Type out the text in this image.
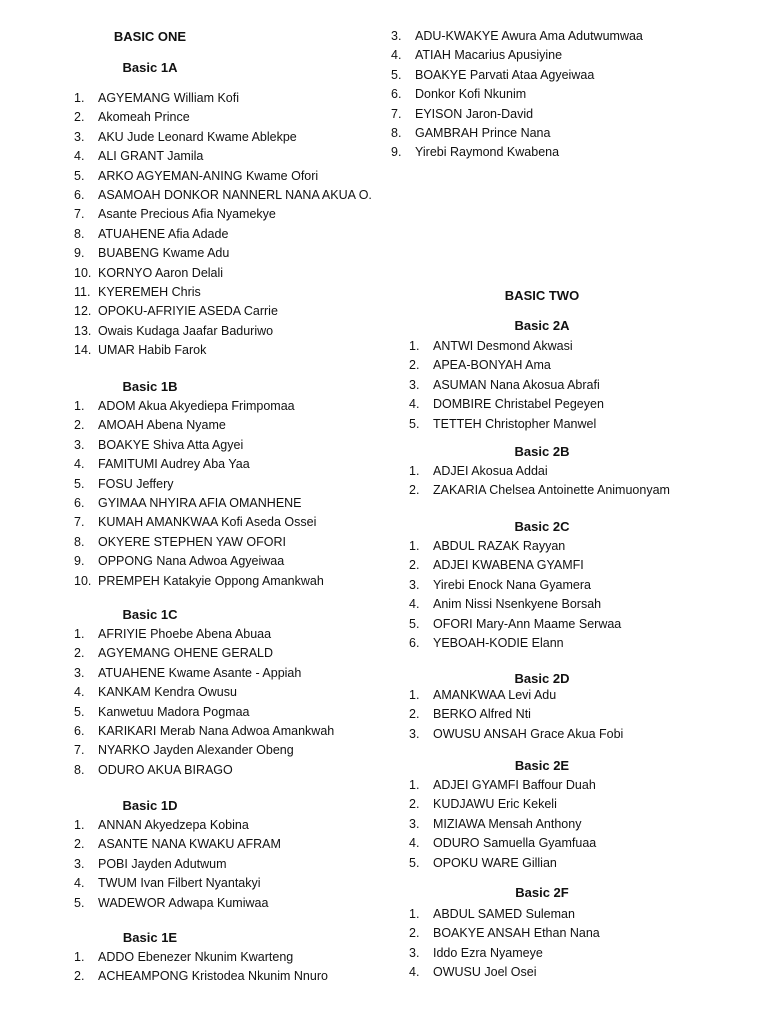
BASIC ONE
Basic 1A
1. AGYEMANG William Kofi
2. Akomeah Prince
3. AKU Jude Leonard Kwame Ablekpe
4. ALI GRANT Jamila
5. ARKO AGYEMAN-ANING Kwame Ofori
6. ASAMOAH DONKOR NANNERL NANA AKUA O.
7. Asante Precious Afia Nyamekye
8. ATUAHENE Afia Adade
9. BUABENG Kwame Adu
10. KORNYO Aaron Delali
11. KYEREMEH Chris
12. OPOKU-AFRIYIE ASEDA Carrie
13. Owais Kudaga Jaafar Baduriwo
14. UMAR Habib Farok
Basic 1B
1. ADOM Akua Akyediepa Frimpomaa
2. AMOAH Abena Nyame
3. BOAKYE Shiva Atta Agyei
4. FAMITUMI Audrey Aba Yaa
5. FOSU Jeffery
6. GYIMAA NHYIRA AFIA OMANHENE
7. KUMAH AMANKWAA Kofi Aseda Ossei
8. OKYERE STEPHEN YAW OFORI
9. OPPONG Nana Adwoa Agyeiwaa
10. PREMPEH Katakyie Oppong Amankwah
Basic 1C
1. AFRIYIE Phoebe Abena Abuaa
2. AGYEMANG OHENE GERALD
3. ATUAHENE Kwame Asante - Appiah
4. KANKAM Kendra Owusu
5. Kanwetuu Madora Pogmaa
6. KARIKARI Merab Nana Adwoa Amankwah
7. NYARKO Jayden Alexander Obeng
8. ODURO AKUA BIRAGO
Basic 1D
1. ANNAN Akyedzepa Kobina
2. ASANTE NANA KWAKU AFRAM
3. POBI Jayden Adutwum
4. TWUM Ivan Filbert Nyantakyi
5. WADEWOR Adwapa Kumiwaa
Basic 1E
1. ADDO Ebenezer Nkunim Kwarteng
2. ACHEAMPONG Kristodea Nkunim Nnuro
3. ADU-KWAKYE Awura Ama Adutwumwaa
4. ATIAH Macarius Apusiyine
5. BOAKYE Parvati Ataa Agyeiwaa
6. Donkor Kofi Nkunim
7. EYISON Jaron-David
8. GAMBRAH Prince Nana
9. Yirebi Raymond Kwabena
BASIC TWO
Basic 2A
1. ANTWI Desmond Akwasi
2. APEA-BONYAH Ama
3. ASUMAN Nana Akosua Abrafi
4. DOMBIRE Christabel Pegeyen
5. TETTEH Christopher Manwel
Basic 2B
1. ADJEI Akosua Addai
2. ZAKARIA Chelsea Antoinette Animuonyam
Basic 2C
1. ABDUL RAZAK Rayyan
2. ADJEI KWABENA GYAMFI
3. Yirebi Enock Nana Gyamera
4. Anim Nissi Nsenkyene Borsah
5. OFORI Mary-Ann Maame Serwaa
6. YEBOAH-KODIE Elann
Basic 2D
1. AMANKWAA Levi Adu
2. BERKO Alfred Nti
3. OWUSU ANSAH Grace Akua Fobi
Basic 2E
1. ADJEI GYAMFI Baffour Duah
2. KUDJAWU Eric Kekeli
3. MIZIAWA Mensah Anthony
4. ODURO Samuella Gyamfuaa
5. OPOKU WARE Gillian
Basic 2F
1. ABDUL SAMED Suleman
2. BOAKYE ANSAH Ethan Nana
3. Iddo Ezra Nyameye
4. OWUSU Joel Osei
